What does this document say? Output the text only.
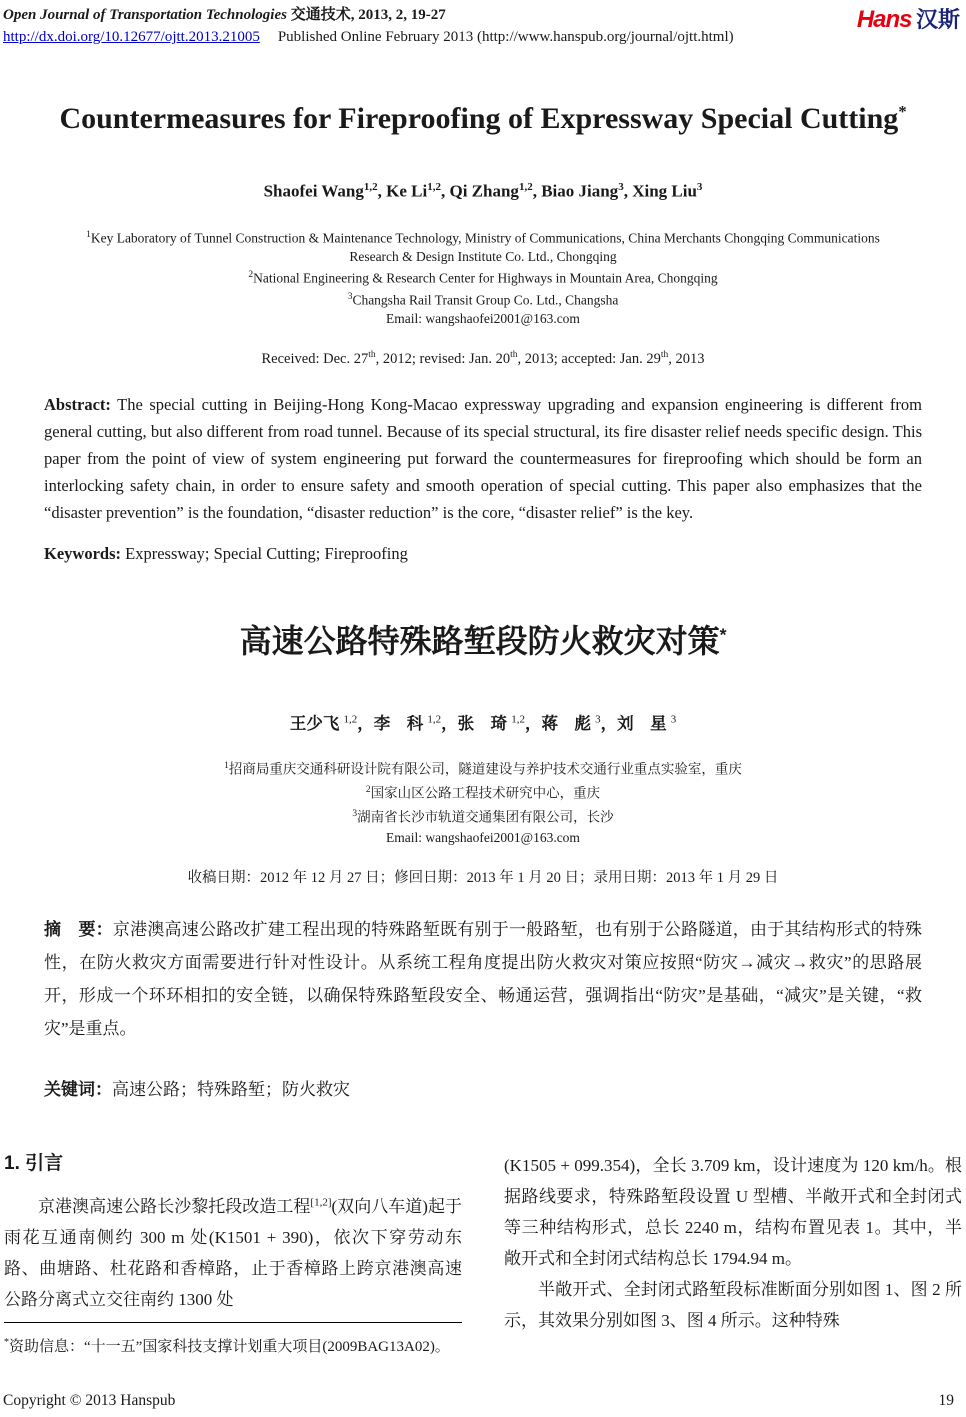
Open Journal of Transportation Technologies 交通技术, 2013, 2, 19-27
http://dx.doi.org/10.12677/ojtt.2013.21005 Published Online February 2013 (http://www.hanspub.org/journal/ojtt.html)
Hans 汉斯
Countermeasures for Fireproofing of Expressway Special Cutting*
Shaofei Wang$^{1,2}$, Ke Li$^{1,2}$, Qi Zhang$^{1,2}$, Biao Jiang$^3$, Xing Liu$^3$
$^1$Key Laboratory of Tunnel Construction & Maintenance Technology, Ministry of Communications, China Merchants Chongqing Communications Research & Design Institute Co. Ltd., Chongqing
$^2$National Engineering & Research Center for Highways in Mountain Area, Chongqing
$^3$Changsha Rail Transit Group Co. Ltd., Changsha
Email: wangshaofei2001@163.com
Received: Dec. 27th, 2012; revised: Jan. 20th, 2013; accepted: Jan. 29th, 2013
Abstract: The special cutting in Beijing-Hong Kong-Macao expressway upgrading and expansion engineering is different from general cutting, but also different from road tunnel. Because of its special structural, its fire disaster relief needs specific design. This paper from the point of view of system engineering put forward the countermeasures for fireproofing which should be form an interlocking safety chain, in order to ensure safety and smooth operation of special cutting. This paper also emphasizes that the “disaster prevention” is the foundation, “disaster reduction” is the core, “disaster relief” is the key.
Keywords: Expressway; Special Cutting; Fireproofing
高速公路特殊路堑段防火救灾对策*
王少飞 $^{1,2}$，李　科 $^{1,2}$，张　琦 $^{1,2}$，蒋　彪 $^3$，刘　星 $^3$
$^1$招商局重庆交通科研设计院有限公司，隧道建设与养护技术交通行业重点实验室，重庆
$^2$国家山区公路工程技术研究中心，重庆
$^3$湖南省长沙市轨道交通集团有限公司，长沙
Email: wangshaofei2001@163.com
收稿日期：2012 年 12 月 27 日；修回日期：2013 年 1 月 20 日；录用日期：2013 年 1 月 29 日
摘　要：京港澳高速公路改扩建工程出现的特殊路堑既有别于一般路堑，也有别于公路隧道，由于其结构形式的特殊性，在防火救灾方面需要进行针对性设计。从系统工程角度提出防火救灾对策应按照“防灾→减灾→救灾”的思路展开，形成一个环环相扣的安全链，以确保特殊路堑段安全、畅通运营，强调指出“防灾”是基础，“减灾”是关键，“救灾”是重点。
关键词：高速公路；特殊路堑；防火救灾
1. 引言

京港澳高速公路长沙黎托段改造工程[1,2](双向八车道)起于雨花互通南侧约 300 m 处(K1501 + 390)，依次下穿劳动东路、曲塘路、杜花路和香樟路，止于香樟路上跨京港澳高速公路分离式立交往南约 1300 处

*资助信息：“十一五”国家科技支撑计划重大项目(2009BAG13A02)。

(K1505 + 099.354)，全长 3.709 km，设计速度为 120 km/h。根据路线要求，特殊路堑段设置 U 型槽、半敞开式和全封闭式等三种结构形式，总长 2240 m，结构布置见表 1。其中，半敞开式和全封闭式结构总长 1794.94 m。

半敞开式、全封闭式路堑段标准断面分别如图 1、图 2 所示，其效果分别如图 3、图 4 所示。这种特殊

Copyright © 2013 Hanspub	19
